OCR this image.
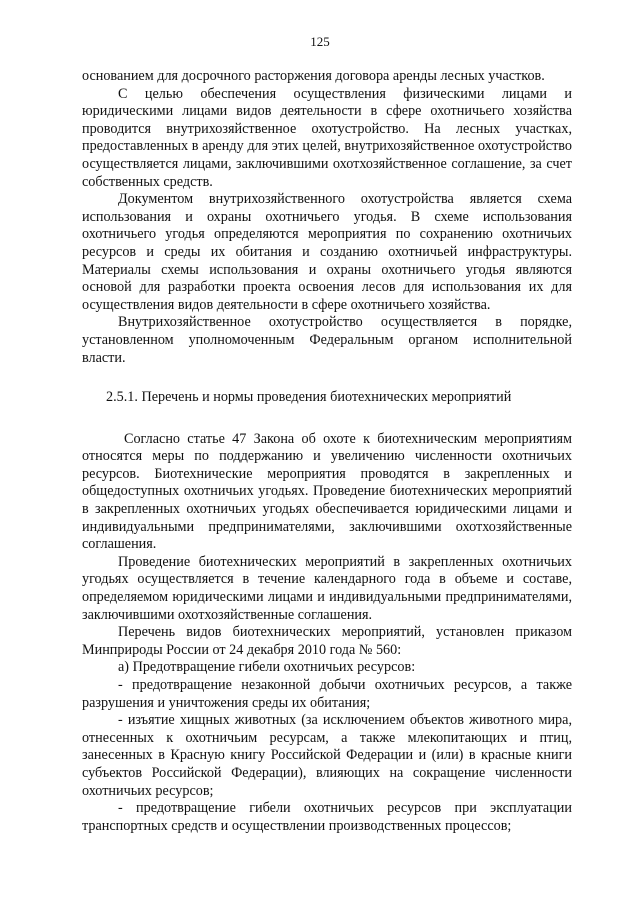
125

основанием для досрочного расторжения договора аренды лесных участков.

С целью обеспечения осуществления физическими лицами и юридическими лицами видов деятельности в сфере охотничьего хозяйства проводится внутрихозяйственное охотустройство. На лесных участках, предоставленных в аренду для этих целей, внутрихозяйственное охотустройство осуществляется лицами, заключившими охотхозяйственное соглашение, за счет собственных средств.

Документом внутрихозяйственного охотустройства является схема использования и охраны охотничьего угодья. В схеме использования охотничьего угодья определяются мероприятия по сохранению охотничьих ресурсов и среды их обитания и созданию охотничьей инфраструктуры. Материалы схемы использования и охраны охотничьего угодья являются основой для разработки проекта освоения лесов для использования их для осуществления видов деятельности в сфере охотничьего хозяйства.

Внутрихозяйственное охотустройство осуществляется в порядке, установленном уполномоченным Федеральным органом исполнительной власти.

2.5.1. Перечень и нормы проведения биотехнических мероприятий

Согласно статье 47 Закона об охоте к биотехническим мероприятиям относятся меры по поддержанию и увеличению численности охотничьих ресурсов. Биотехнические мероприятия проводятся в закрепленных и общедоступных охотничьих угодьях. Проведение биотехнических мероприятий в закрепленных охотничьих угодьях обеспечивается юридическими лицами и индивидуальными предпринимателями, заключившими охотхозяйственные соглашения.

Проведение биотехнических мероприятий в закрепленных охотничьих угодьях осуществляется в течение календарного года в объеме и составе, определяемом юридическими лицами и индивидуальными предпринимателями, заключившими охотхозяйственные соглашения.

Перечень видов биотехнических мероприятий, установлен приказом Минприроды России от 24 декабря 2010 года № 560:

а) Предотвращение гибели охотничьих ресурсов:

- предотвращение незаконной добычи охотничьих ресурсов, а также разрушения и уничтожения среды их обитания;

- изъятие хищных животных (за исключением объектов животного мира, отнесенных к охотничьим ресурсам, а также млекопитающих и птиц, занесенных в Красную книгу Российской Федерации и (или) в красные книги субъектов Российской Федерации), влияющих на сокращение численности охотничьих ресурсов;

- предотвращение гибели охотничьих ресурсов при эксплуатации транспортных средств и осуществлении производственных процессов;
